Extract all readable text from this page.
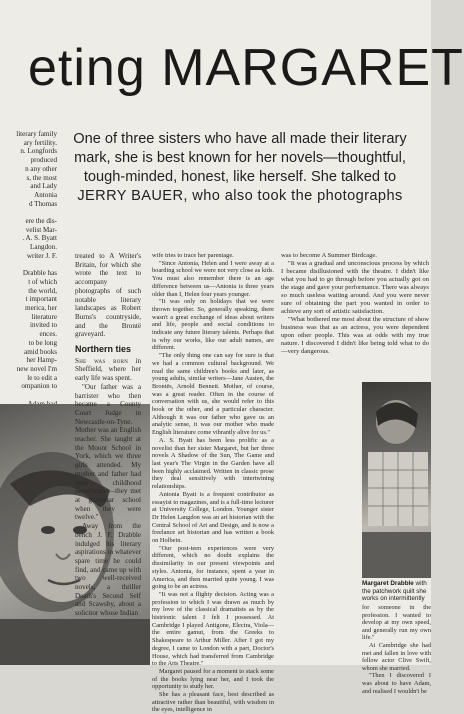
eting MARGARET
One of three sisters who have all made their literary mark, she is best known for her novels—thoughtful, tough-minded, honest, like herself. She talked to JERRY BAUER, who also took the photographs
literary family
ary fertility.
n. Longfords
produced
n any other
s, the most
and Lady
Antonia
d Thomas

ere the dis-
velist Mar-
. A. S. Byatt
Langdon.
writer J. F.

Drabble has
t of which
the world,
t important
merica, her
literature
invited to
ences.
to be long
amid books
her Hamp-
new novel I'm
le to edit a
ompanion to

treated to A Writer's Britain, for which she wrote the text to accompany photographs of such notable literary landscapes as Robert Burns's countryside, and the Brontë graveyard.

Northern ties

She was born in Sheffield, where her early life was spent.

"Our father was a barrister who then became a County Court Judge in Newcastle-on-Tyne. Mother was an English teacher. She taught at the Mount School in York, which we three girls attended. My mother and father had been childhood sweethearts—they met at grammar school when they were twelve."

Away from the bench J. F. Drabble indulged his literary aspirations in whatever spare time he could find, and came up with two well-received novels, a thriller Death's Second Self and Scawsby, about a solicitor whose Indian

wife tries to trace her parentage.

"Since Antonia, Helen and I were away at a boarding school we were not very close as kids. You must also remember there is an age difference between us—Antonia is three years older than I, Helen four years younger.

"It was only on holidays that we were thrown together. So, generally speaking, there wasn't a great exchange of ideas about writers and life, people and social conditions to indicate any future literary talents. Perhaps that is why our works, like our adult names, are different.

"The only thing one can say for sure is that we had a common cultural background. We read the same children's books and later, as young adults, similar writers—Jane Austen, the Brontës, Arnold Bennett. Mother, of course, was a great reader. Often in the course of conversation with us, she would refer to this book or the other, and a particular character. Although it was our father who gave us an analytic sense, it was our mother who made English literature come vibrantly alive for us."

A. S. Byatt has been less prolific as a novelist than her sister Margaret, but her three novels A Shadow of the Sun, The Game and last year's The Virgin in the Garden have all been highly acclaimed. Written in classic prose they deal sensitively with intertwining relationships.

Antonia Byatt is a frequent contributor as essayist to magazines, and is a full-time lecturer at University College, London. Younger sister Dr Helen Langdon was an art historian with the Central School of Art and Design, and is now a freelance art historian and has written a book on Holbein.

"Our post-teen experiences were very different, which no doubt explains the dissimilarity in our present viewpoints and styles. Antonia, for instance, spent a year in America, and then married quite young. I was going to be an actress.

"It was not a flighty decision. Acting was a profession to which I was drawn as much by my love of the classical dramatists as by the histrionic talent I felt I possessed. At Cambridge I played Antigone, Electra, Viola—the entire gamut, from the Greeks to Shakespeare to Arthur Miller. After I got my degree, I came to London with a part, Doctor's House, which had transferred from Cambridge to the Arts Theatre."

Margaret paused for a moment to stack some of the books lying near her, and I took the opportunity to study her.

She has a pleasant face, best described as attractive rather than beautiful, with wisdom in the eyes, intelligence in

was to become A Summer Birdcage.

"It was a gradual and unconscious process by which I became disillusioned with the theatre. I didn't like what you had to go through before you actually got on the stage and gave your performance. There was always so much useless waiting around. And you were never sure of obtaining the part you wanted in order to achieve any sort of artistic satisfaction.

"What bothered me most about the structure of show business was that as an actress, you were dependent upon other people. This was at odds with my true nature. I discovered I didn't like being told what to do—very dangerous.

Margaret Drabble with the patchwork quilt she works on intermittently

for someone in the profession. I wanted to develop at my own speed, and generally run my own life."

At Cambridge she had met and fallen in love with fellow actor Clive Swift, whom she married.

"Then I discovered I was about to have Adam, and realised I wouldn't be
